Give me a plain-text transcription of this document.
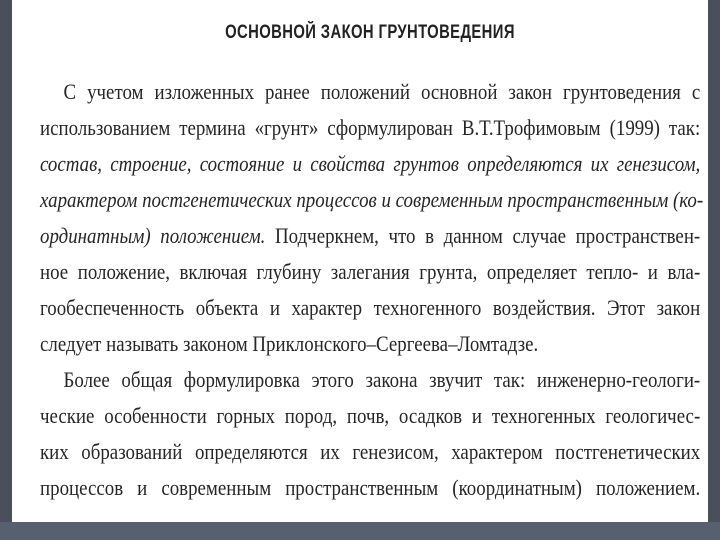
ОСНОВНОЙ ЗАКОН ГРУНТОВЕДЕНИЯ
С учетом изложенных ранее положений основной закон грунтоведения с
использованием термина «грунт» сформулирован В.Т.Трофимовым (1999) так:
состав, строение, состояние и свойства грунтов определяются их генезисом,
характером постгенетических процессов и современным пространственным (ко-
ординатным) положением. Подчеркнем, что в данном случае пространствен-
ное положение, включая глубину залегания грунта, определяет тепло- и вла-
гообеспеченность объекта и характер техногенного воздействия. Этот закон
следует называть законом Приклонского–Сергеева–Ломтадзе.
Более общая формулировка этого закона звучит так: инженерно-геологи-
ческие особенности горных пород, почв, осадков и техногенных геологичес-
ких образований определяются их генезисом, характером постгенетических
процессов и современным пространственным (координатным) положением.
